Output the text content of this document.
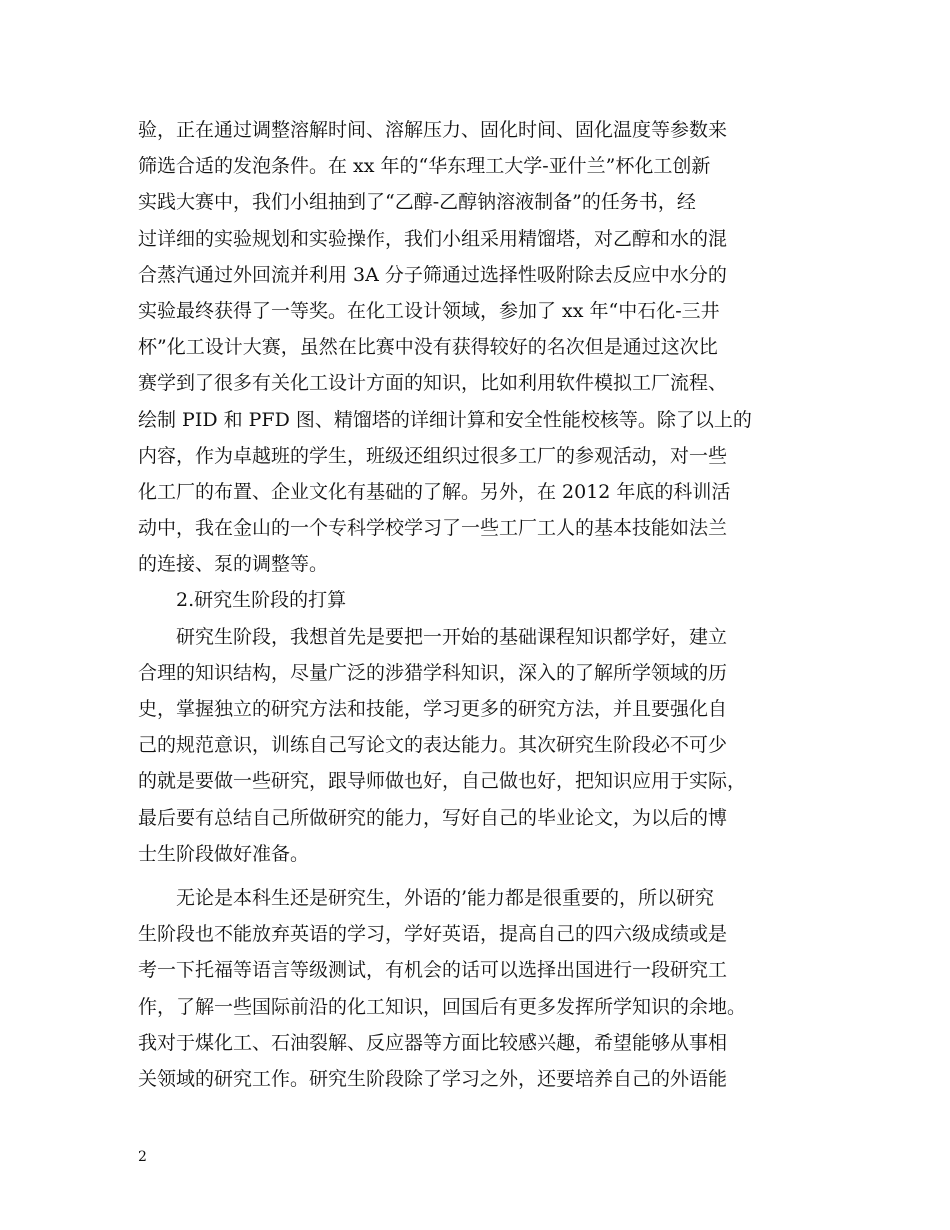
验，正在通过调整溶解时间、溶解压力、固化时间、固化温度等参数来
筛选合适的发泡条件。在 xx 年的“华东理工大学-亚什兰”杯化工创新
实践大赛中，我们小组抽到了“乙醇-乙醇钠溶液制备”的任务书，经
过详细的实验规划和实验操作，我们小组采用精馏塔，对乙醇和水的混
合蒸汽通过外回流并利用 3A 分子筛通过选择性吸附除去反应中水分的
实验最终获得了一等奖。在化工设计领域，参加了 xx 年“中石化-三井
杯”化工设计大赛，虽然在比赛中没有获得较好的名次但是通过这次比
赛学到了很多有关化工设计方面的知识，比如利用软件模拟工厂流程、
绘制 PID 和 PFD 图、精馏塔的详细计算和安全性能校核等。除了以上的
内容，作为卓越班的学生，班级还组织过很多工厂的参观活动，对一些
化工厂的布置、企业文化有基础的了解。另外，在 2012 年底的科训活
动中，我在金山的一个专科学校学习了一些工厂工人的基本技能如法兰
的连接、泵的调整等。
2.研究生阶段的打算
研究生阶段，我想首先是要把一开始的基础课程知识都学好，建立
合理的知识结构，尽量广泛的涉猎学科知识，深入的了解所学领域的历
史，掌握独立的研究方法和技能，学习更多的研究方法，并且要强化自
己的规范意识，训练自己写论文的表达能力。其次研究生阶段必不可少
的就是要做一些研究，跟导师做也好，自己做也好，把知识应用于实际，
最后要有总结自己所做研究的能力，写好自己的毕业论文，为以后的博
士生阶段做好准备。
无论是本科生还是研究生，外语的’能力都是很重要的，所以研究
生阶段也不能放弃英语的学习，学好英语，提高自己的四六级成绩或是
考一下托福等语言等级测试，有机会的话可以选择出国进行一段研究工
作，了解一些国际前沿的化工知识，回国后有更多发挥所学知识的余地。
我对于煤化工、石油裂解、反应器等方面比较感兴趣，希望能够从事相
关领域的研究工作。研究生阶段除了学习之外，还要培养自己的外语能
2
